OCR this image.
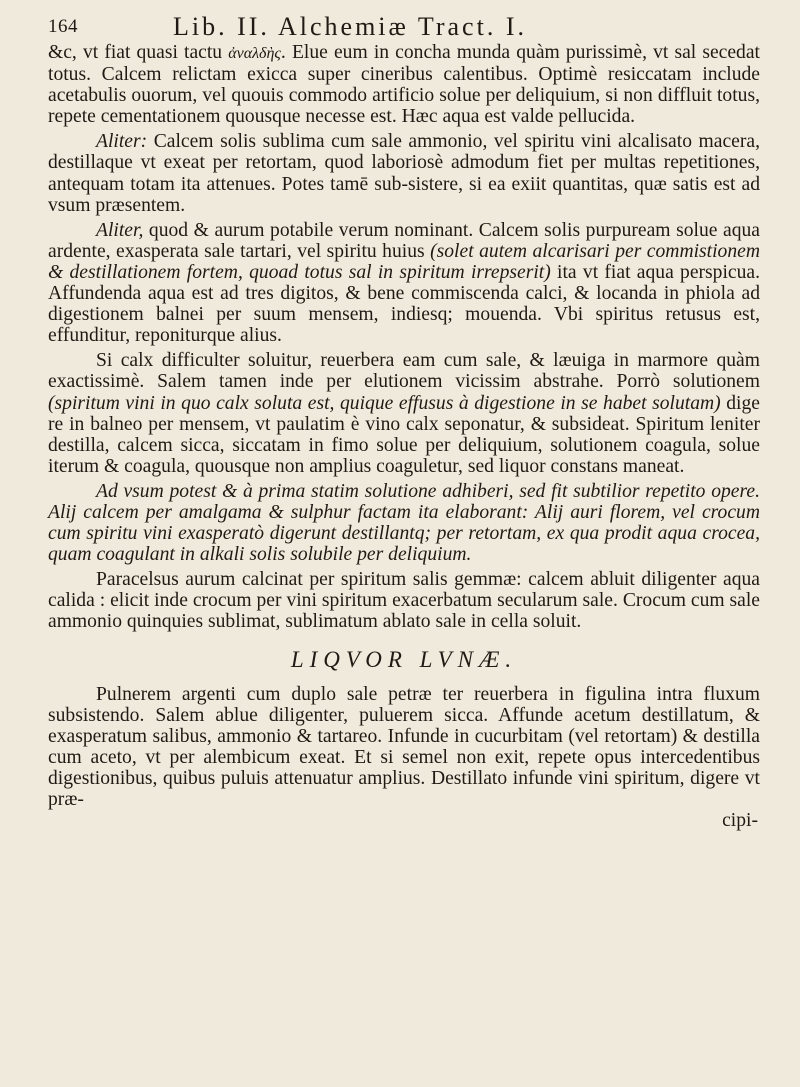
164	Lib. II. Alchemiæ Tract. I.

&c, vt fiat quasi tactu ἀναλδὴς. Elue eum in concha munda quàm purissimè, vt sal secedat totus. Calcem relictam exicca super cineribus calentibus. Optimè resiccatam include acetabulis ouorum, vel quouis commodo artificio solue per deliquium, si non diffluit totus, repete cementationem quousque necesse est. Hæc aqua est valde pellucida.

Aliter: Calcem solis sublima cum sale ammonio, vel spiritu vini alcalisato macera, destillaque vt exeat per retortam, quod laboriosè admodum fiet per multas repetitiones, antequam totam ita attenues. Potes tamē sub-sistere, si ea exiit quantitas, quæ satis est ad vsum præsentem.

Aliter, quod & aurum potabile verum nominant. Calcem solis purpuream solue aqua ardente, exasperata sale tartari, vel spiritu huius (solet autem alcarisari per commistionem & destillationem fortem, quoad totus sal in spiritum irrepserit) ita vt fiat aqua perspicua. Affundenda aqua est ad tres digitos, & bene commiscenda calci, & locanda in phiola ad digestionem balnei per suum mensem, indiesq; mouenda. Vbi spiritus retusus est, effunditur, reponiturque alius.

Si calx difficulter soluitur, reuerbera eam cum sale, & læuiga in marmore quàm exactissimè. Salem tamen inde per elutionem vicissim abstrahe. Porrò solutionem (spiritum vini in quo calx soluta est, quique effusus à digestione in se habet solutam) dige re in balneo per mensem, vt paulatim è vino calx seponatur, & subsideat. Spiritum leniter destilla, calcem sicca, siccatam in fimo solue per deliquium, solutionem coagula, solue iterum & coagula, quousque non amplius coaguletur, sed liquor constans maneat.

Ad vsum potest & à prima statim solutione adhiberi, sed fit subtilior repetito opere. Alij calcem per amalgama & sulphur factam ita elaborant: Alij auri florem, vel crocum cum spiritu vini exasperatò digerunt destillantq; per retortam, ex qua prodit aqua crocea, quam coagulant in alkali solis solubile per deliquium.

Paracelsus aurum calcinat per spiritum salis gemmæ: calcem abluit diligenter aqua calida : elicit inde crocum per vini spiritum exacerbatum secularum sale. Crocum cum sale ammonio quinquies sublimat, sublimatum ablato sale in cella soluit.

LIQVOR LVNÆ.

Pulnerem argenti cum duplo sale petræ ter reuerbera in figulina intra fluxum subsistendo. Salem ablue diligenter, puluerem sicca. Affunde acetum destillatum, & exasperatum salibus, ammonio & tartareo. Infunde in cucurbitam (vel retortam) & destilla cum aceto, vt per alembicum exeat. Et si semel non exit, repete opus intercedentibus digestionibus, quibus puluis attenuatur amplius. Destillato infunde vini spiritum, digere vt præ-

cipi-
